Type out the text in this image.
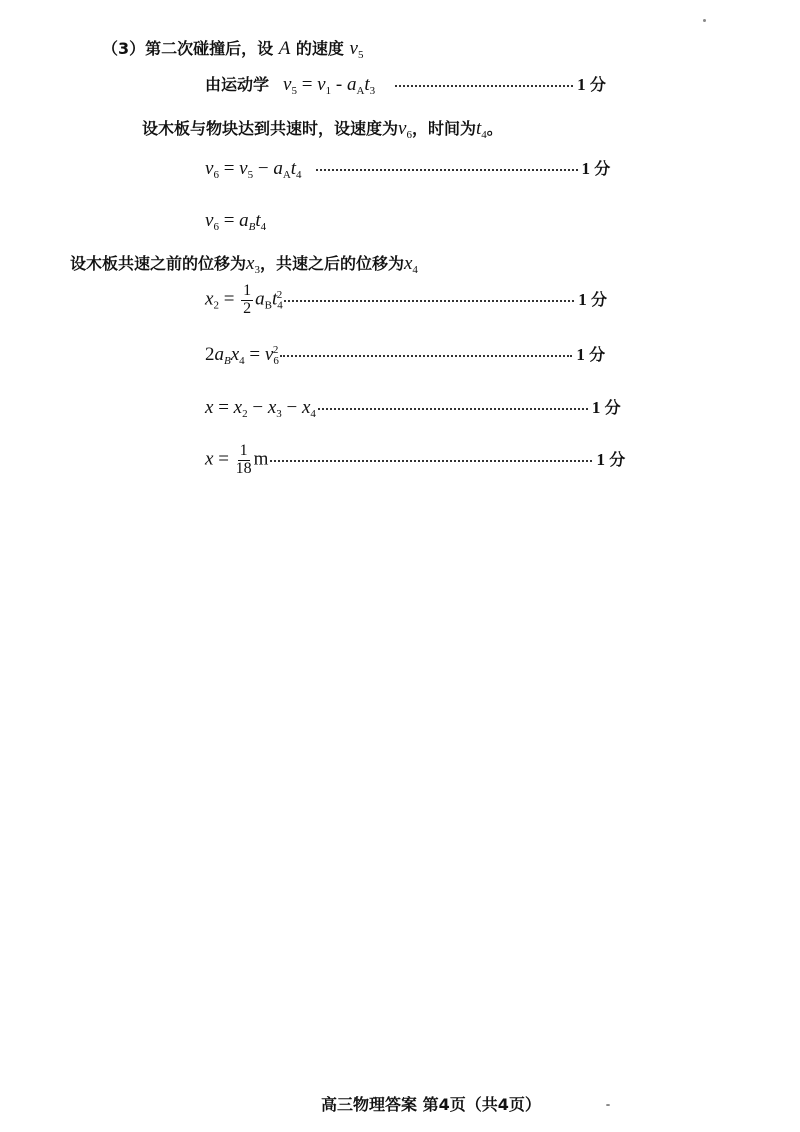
（3）第二次碰撞后，设 A 的速度 $v_5$
由运动学 $v_5 = v_1 - a_At_3$	1 分
设木板与物块达到共速时，设速度为$v_6$，时间为$t_4$。
$v_6 = v_5 - a_At_4$	1 分
$v_6 = a_Bt_4$
设木板共速之前的位移为$x_3$，共速之后的位移为$x_4$
$x_2 = \frac{1}{2} a_Bt_4^2$	1 分
$2a_Bx_4 = v_6^2$	1 分
$x = x_2 - x_3 - x_4$	1 分
$x = \frac{1}{18}$ m	1 分
高三物理答案 第4页（共4页）
